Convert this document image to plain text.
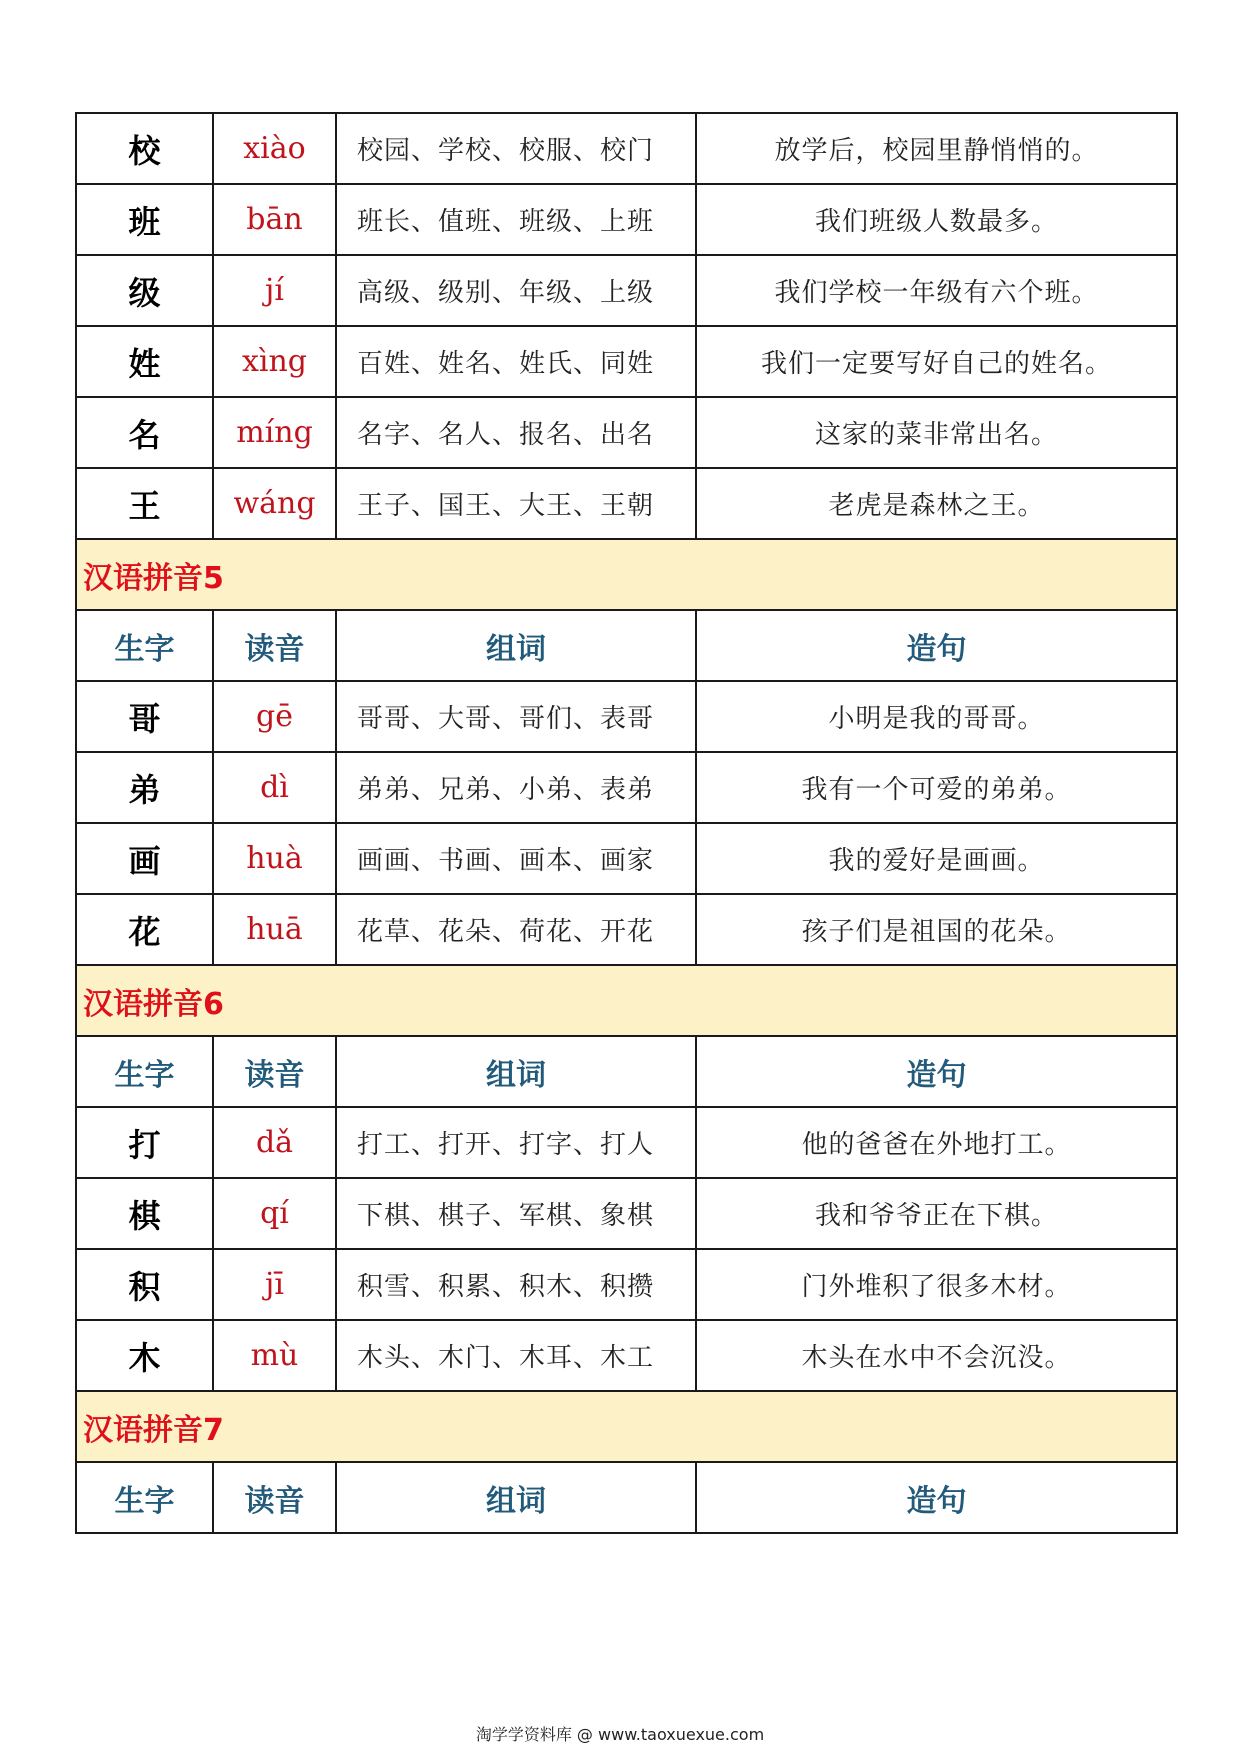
校	xiào	校园、学校、校服、校门	放学后，校园里静悄悄的。
班	bān	班长、值班、班级、上班	我们班级人数最多。
级	jí	高级、级别、年级、上级	我们学校一年级有六个班。
姓	xìng	百姓、姓名、姓氏、同姓	我们一定要写好自己的姓名。
名	míng	名字、名人、报名、出名	这家的菜非常出名。
王	wáng	王子、国王、大王、王朝	老虎是森林之王。
汉语拼音5			
生字	读音	组词	造句
哥	gē	哥哥、大哥、哥们、表哥	小明是我的哥哥。
弟	dì	弟弟、兄弟、小弟、表弟	我有一个可爱的弟弟。
画	huà	画画、书画、画本、画家	我的爱好是画画。
花	huā	花草、花朵、荷花、开花	孩子们是祖国的花朵。
汉语拼音6			
生字	读音	组词	造句
打	dǎ	打工、打开、打字、打人	他的爸爸在外地打工。
棋	qí	下棋、棋子、军棋、象棋	我和爷爷正在下棋。
积	jī	积雪、积累、积木、积攒	门外堆积了很多木材。
木	mù	木头、木门、木耳、木工	木头在水中不会沉没。
汉语拼音7			
生字	读音	组词	造句
淘学学资料库 @ www.taoxuexue.com
